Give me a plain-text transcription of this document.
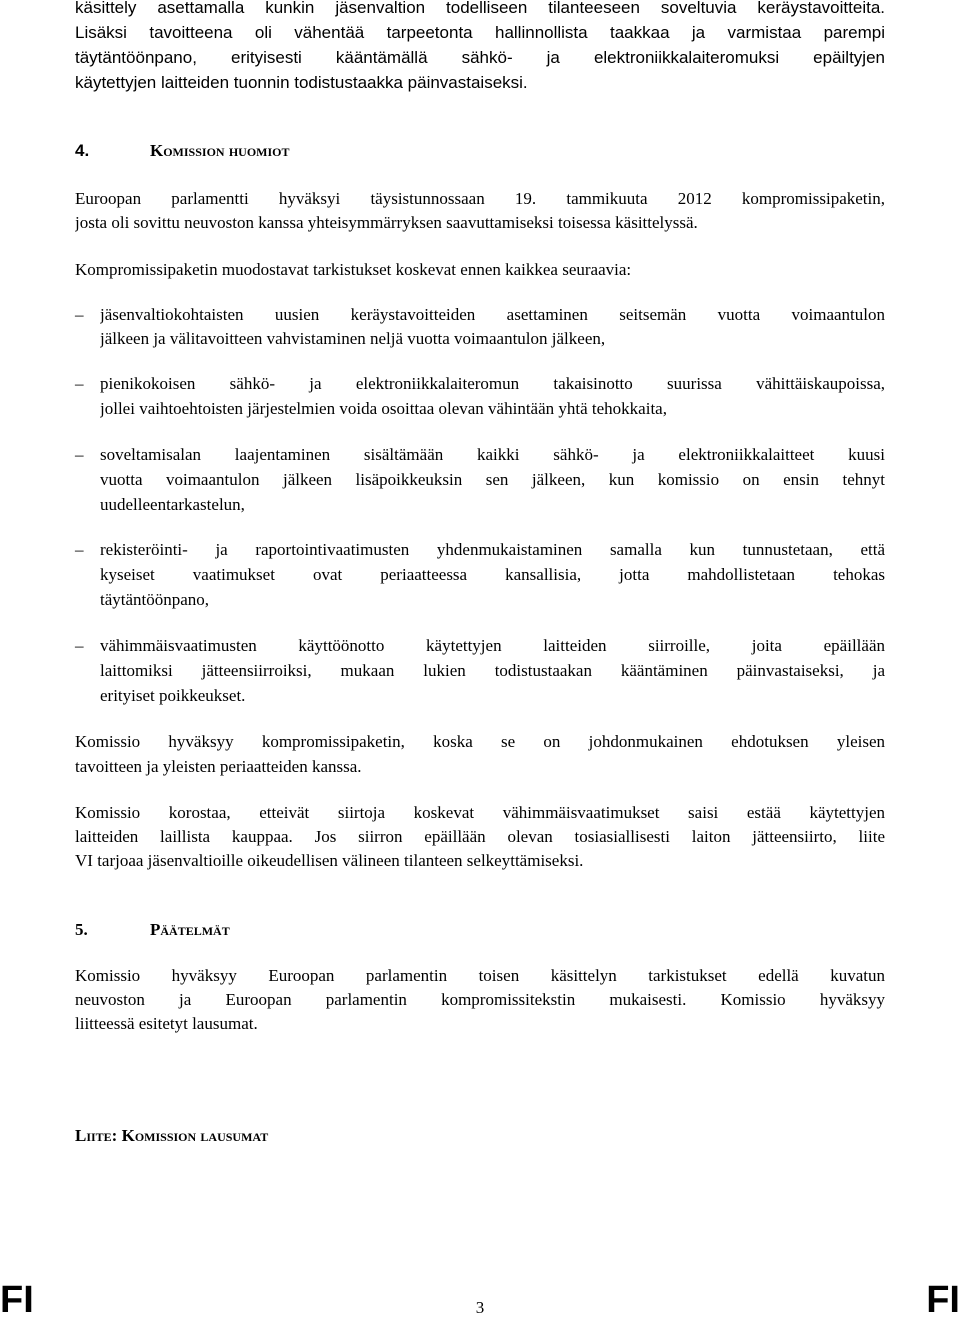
käsittely asettamalla kunkin jäsenvaltion todelliseen tilanteeseen soveltuvia keräystavoitteita.
Lisäksi tavoitteena oli vähentää tarpeetonta hallinnollista taakkaa ja varmistaa parempi
täytäntöönpano, erityisesti kääntämällä sähkö- ja elektroniikkalaiteromuksi epäiltyjen
käytettyjen laitteiden tuonnin todistustaakka päinvastaiseksi.
4.	Komission huomiot
Euroopan parlamentti hyväksyi täysistunnossaan 19. tammikuuta 2012 kompromissipaketin,
josta oli sovittu neuvoston kanssa yhteisymmärryksen saavuttamiseksi toisessa käsittelyssä.
Kompromissipaketin muodostavat tarkistukset koskevat ennen kaikkea seuraavia:
– jäsenvaltiokohtaisten uusien keräystavoitteiden asettaminen seitsemän vuotta voimaantulon
jälkeen ja välitavoitteen vahvistaminen neljä vuotta voimaantulon jälkeen,
– pienikokoisen sähkö- ja elektroniikkalaiteromun takaisinotto suurissa vähittäiskaupoissa,
jollei vaihtoehtoisten järjestelmien voida osoittaa olevan vähintään yhtä tehokkaita,
– soveltamisalan laajentaminen sisältämään kaikki sähkö- ja elektroniikkalaitteet kuusi
vuotta voimaantulon jälkeen lisäpoikkeuksin sen jälkeen, kun komissio on ensin tehnyt
uudelleentarkastelun,
– rekisteröinti- ja raportointivaatimusten yhdenmukaistaminen samalla kun tunnustetaan, että
kyseiset vaatimukset ovat periaatteessa kansallisia, jotta mahdollistetaan tehokas
täytäntöönpano,
– vähimmäisvaatimusten käyttöönotto käytettyjen laitteiden siirroille, joita epäillään
laittomiksi jätteensiirroiksi, mukaan lukien todistustaakan kääntäminen päinvastaiseksi, ja
erityiset poikkeukset.
Komissio hyväksyy kompromissipaketin, koska se on johdonmukainen ehdotuksen yleisen
tavoitteen ja yleisten periaatteiden kanssa.
Komissio korostaa, etteivät siirtoja koskevat vähimmäisvaatimukset saisi estää käytettyjen
laitteiden laillista kauppaa. Jos siirron epäillään olevan tosiasiallisesti laiton jätteensiirto, liite
VI tarjoaa jäsenvaltioille oikeudellisen välineen tilanteen selkeyttämiseksi.
5.	Päätelmät
Komissio hyväksyy Euroopan parlamentin toisen käsittelyn tarkistukset edellä kuvatun
neuvoston ja Euroopan parlamentin kompromissitekstin mukaisesti. Komissio hyväksyy
liitteessä esitetyt lausumat.
Liite: Komission lausumat
FI	3	FI
